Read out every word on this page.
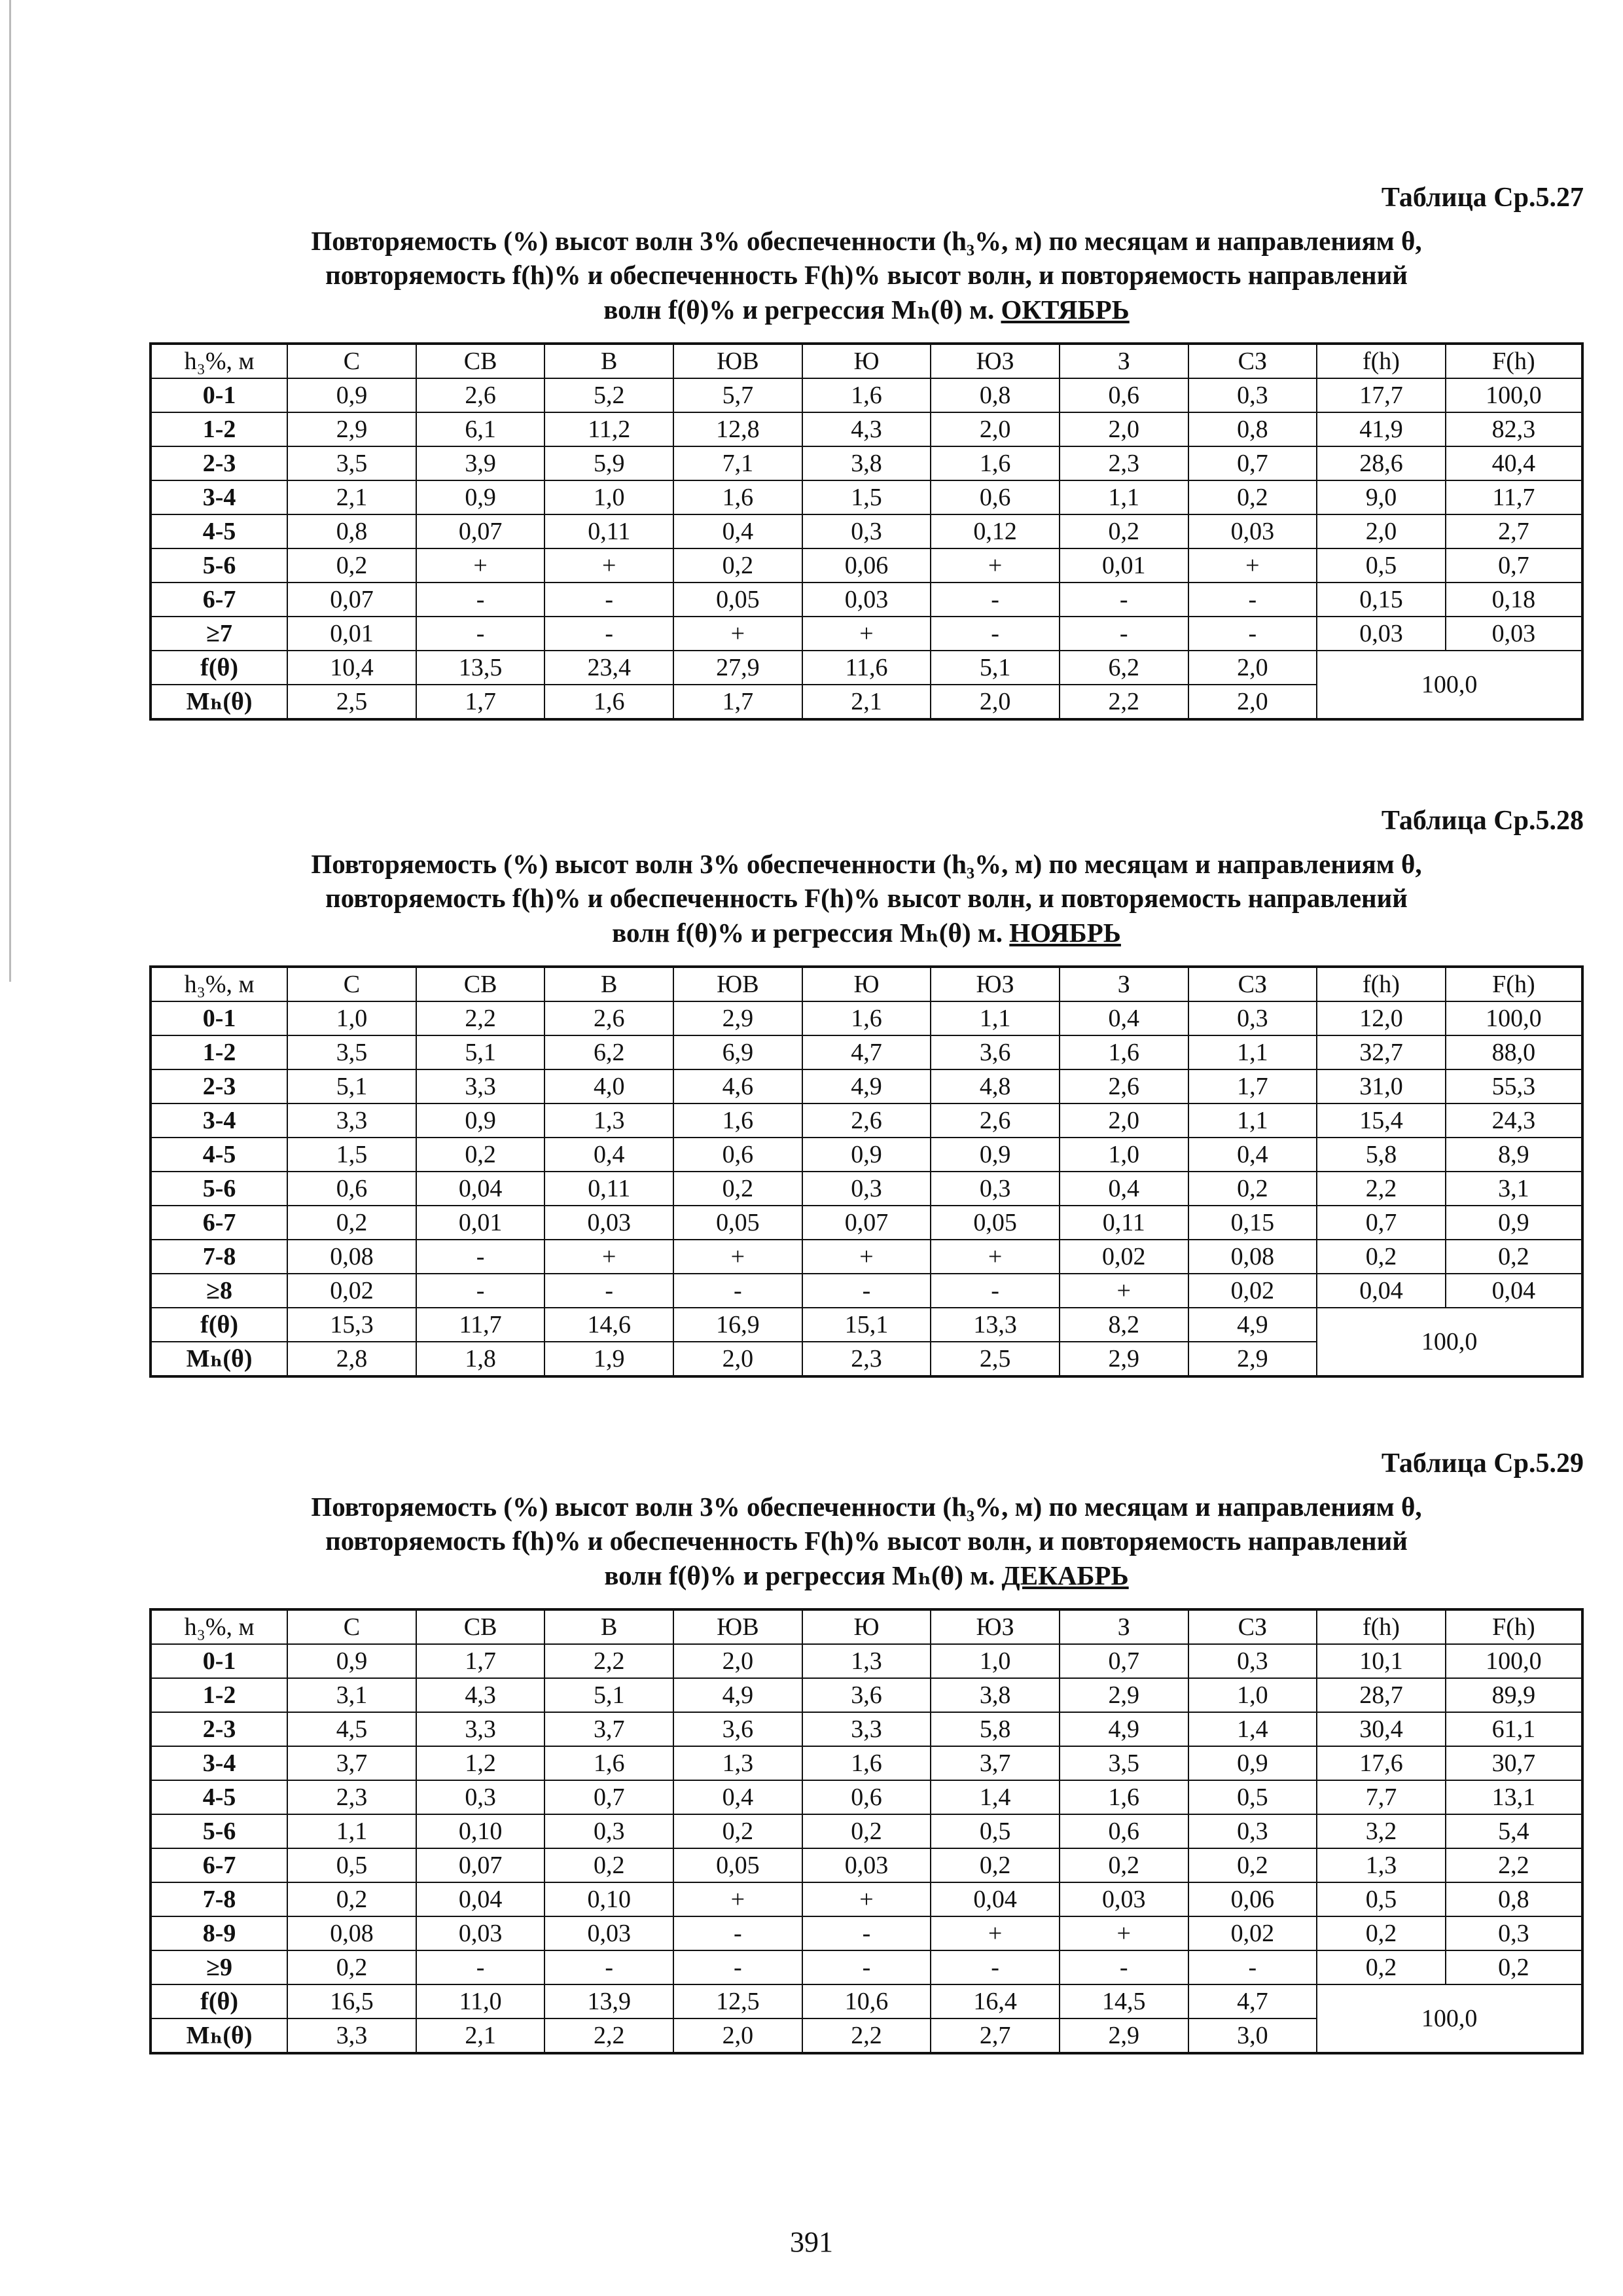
Таблица Ср.5.27

Повторяемость (%) высот волн 3% обеспеченности (h₃%, м) по месяцам и направлениям θ,

повторяемость f(h)% и обеспеченность F(h)% высот волн, и повторяемость направлений

волн f(θ)% и регрессия Mₕ(θ) м. ОКТЯБРЬ

h₃%, м	С	СВ	В	ЮВ	Ю	ЮЗ	З	СЗ	f(h)	F(h)
0-1	0,9	2,6	5,2	5,7	1,6	0,8	0,6	0,3	17,7	100,0
1-2	2,9	6,1	11,2	12,8	4,3	2,0	2,0	0,8	41,9	82,3
2-3	3,5	3,9	5,9	7,1	3,8	1,6	2,3	0,7	28,6	40,4
3-4	2,1	0,9	1,0	1,6	1,5	0,6	1,1	0,2	9,0	11,7
4-5	0,8	0,07	0,11	0,4	0,3	0,12	0,2	0,03	2,0	2,7
5-6	0,2	+	+	0,2	0,06	+	0,01	+	0,5	0,7
6-7	0,07	-	-	0,05	0,03	-	-	-	0,15	0,18
≥7	0,01	-	-	+	+	-	-	-	0,03	0,03
f(θ)	10,4	13,5	23,4	27,9	11,6	5,1	6,2	2,0	100,0	
Mₕ(θ)	2,5	1,7	1,6	1,7	2,1	2,0	2,2	2,0		
Таблица Ср.5.28

Повторяемость (%) высот волн 3% обеспеченности (h₃%, м) по месяцам и направлениям θ,

повторяемость f(h)% и обеспеченность F(h)% высот волн, и повторяемость направлений

волн f(θ)% и регрессия Mₕ(θ) м. НОЯБРЬ

h₃%, м	С	СВ	В	ЮВ	Ю	ЮЗ	З	СЗ	f(h)	F(h)
0-1	1,0	2,2	2,6	2,9	1,6	1,1	0,4	0,3	12,0	100,0
1-2	3,5	5,1	6,2	6,9	4,7	3,6	1,6	1,1	32,7	88,0
2-3	5,1	3,3	4,0	4,6	4,9	4,8	2,6	1,7	31,0	55,3
3-4	3,3	0,9	1,3	1,6	2,6	2,6	2,0	1,1	15,4	24,3
4-5	1,5	0,2	0,4	0,6	0,9	0,9	1,0	0,4	5,8	8,9
5-6	0,6	0,04	0,11	0,2	0,3	0,3	0,4	0,2	2,2	3,1
6-7	0,2	0,01	0,03	0,05	0,07	0,05	0,11	0,15	0,7	0,9
7-8	0,08	-	+	+	+	+	0,02	0,08	0,2	0,2
≥8	0,02	-	-	-	-	-	+	0,02	0,04	0,04
f(θ)	15,3	11,7	14,6	16,9	15,1	13,3	8,2	4,9	100,0	
Mₕ(θ)	2,8	1,8	1,9	2,0	2,3	2,5	2,9	2,9		
Таблица Ср.5.29

Повторяемость (%) высот волн 3% обеспеченности (h₃%, м) по месяцам и направлениям θ,

повторяемость f(h)% и обеспеченность F(h)% высот волн, и повторяемость направлений

волн f(θ)% и регрессия Mₕ(θ) м. ДЕКАБРЬ

h₃%, м	С	СВ	В	ЮВ	Ю	ЮЗ	З	СЗ	f(h)	F(h)
0-1	0,9	1,7	2,2	2,0	1,3	1,0	0,7	0,3	10,1	100,0
1-2	3,1	4,3	5,1	4,9	3,6	3,8	2,9	1,0	28,7	89,9
2-3	4,5	3,3	3,7	3,6	3,3	5,8	4,9	1,4	30,4	61,1
3-4	3,7	1,2	1,6	1,3	1,6	3,7	3,5	0,9	17,6	30,7
4-5	2,3	0,3	0,7	0,4	0,6	1,4	1,6	0,5	7,7	13,1
5-6	1,1	0,10	0,3	0,2	0,2	0,5	0,6	0,3	3,2	5,4
6-7	0,5	0,07	0,2	0,05	0,03	0,2	0,2	0,2	1,3	2,2
7-8	0,2	0,04	0,10	+	+	0,04	0,03	0,06	0,5	0,8
8-9	0,08	0,03	0,03	-	-	+	+	0,02	0,2	0,3
≥9	0,2	-	-	-	-	-	-	-	0,2	0,2
f(θ)	16,5	11,0	13,9	12,5	10,6	16,4	14,5	4,7	100,0	
Mₕ(θ)	3,3	2,1	2,2	2,0	2,2	2,7	2,9	3,0		
391
